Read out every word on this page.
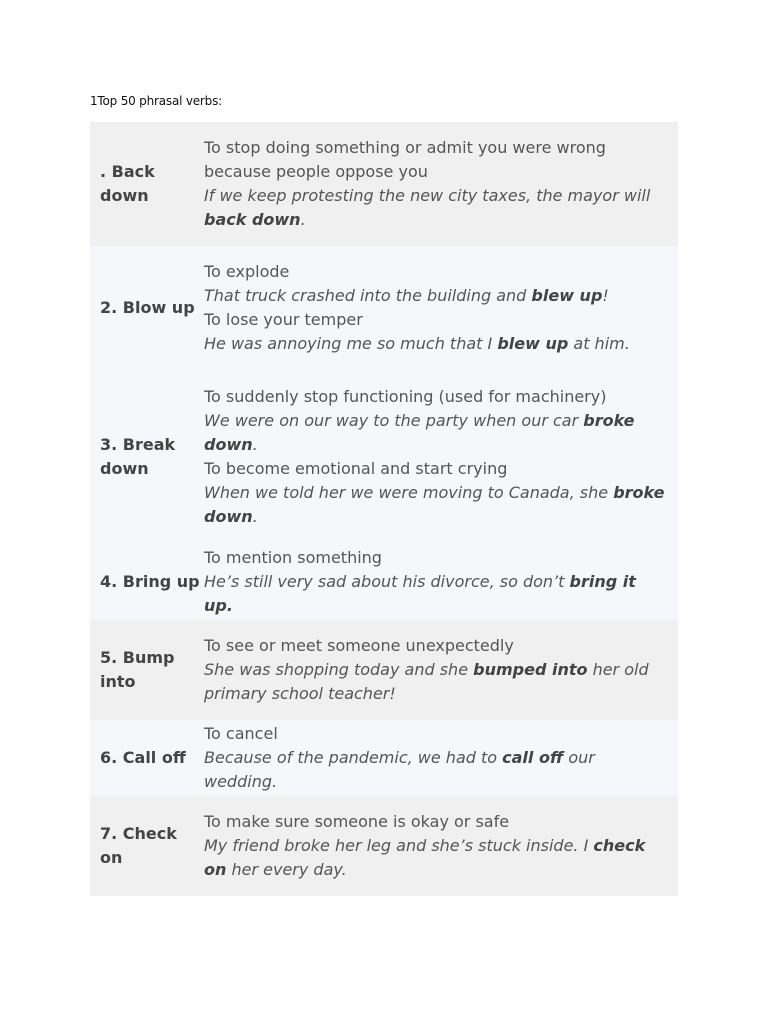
1Top 50 phrasal verbs:
. Back down
To stop doing something or admit you were wrong because people oppose you
If we keep protesting the new city taxes, the mayor will back down.
2. Blow up
To explode
That truck crashed into the building and blew up!
To lose your temper
He was annoying me so much that I blew up at him.
3. Break down
To suddenly stop functioning (used for machinery)
We were on our way to the party when our car broke down.
To become emotional and start crying
When we told her we were moving to Canada, she broke down.
4. Bring up
To mention something
He’s still very sad about his divorce, so don’t bring it up.
5. Bump into
To see or meet someone unexpectedly
She was shopping today and she bumped into her old primary school teacher!
6. Call off
To cancel
Because of the pandemic, we had to call off our wedding.
7. Check on
To make sure someone is okay or safe
My friend broke her leg and she’s stuck inside. I check on her every day.
